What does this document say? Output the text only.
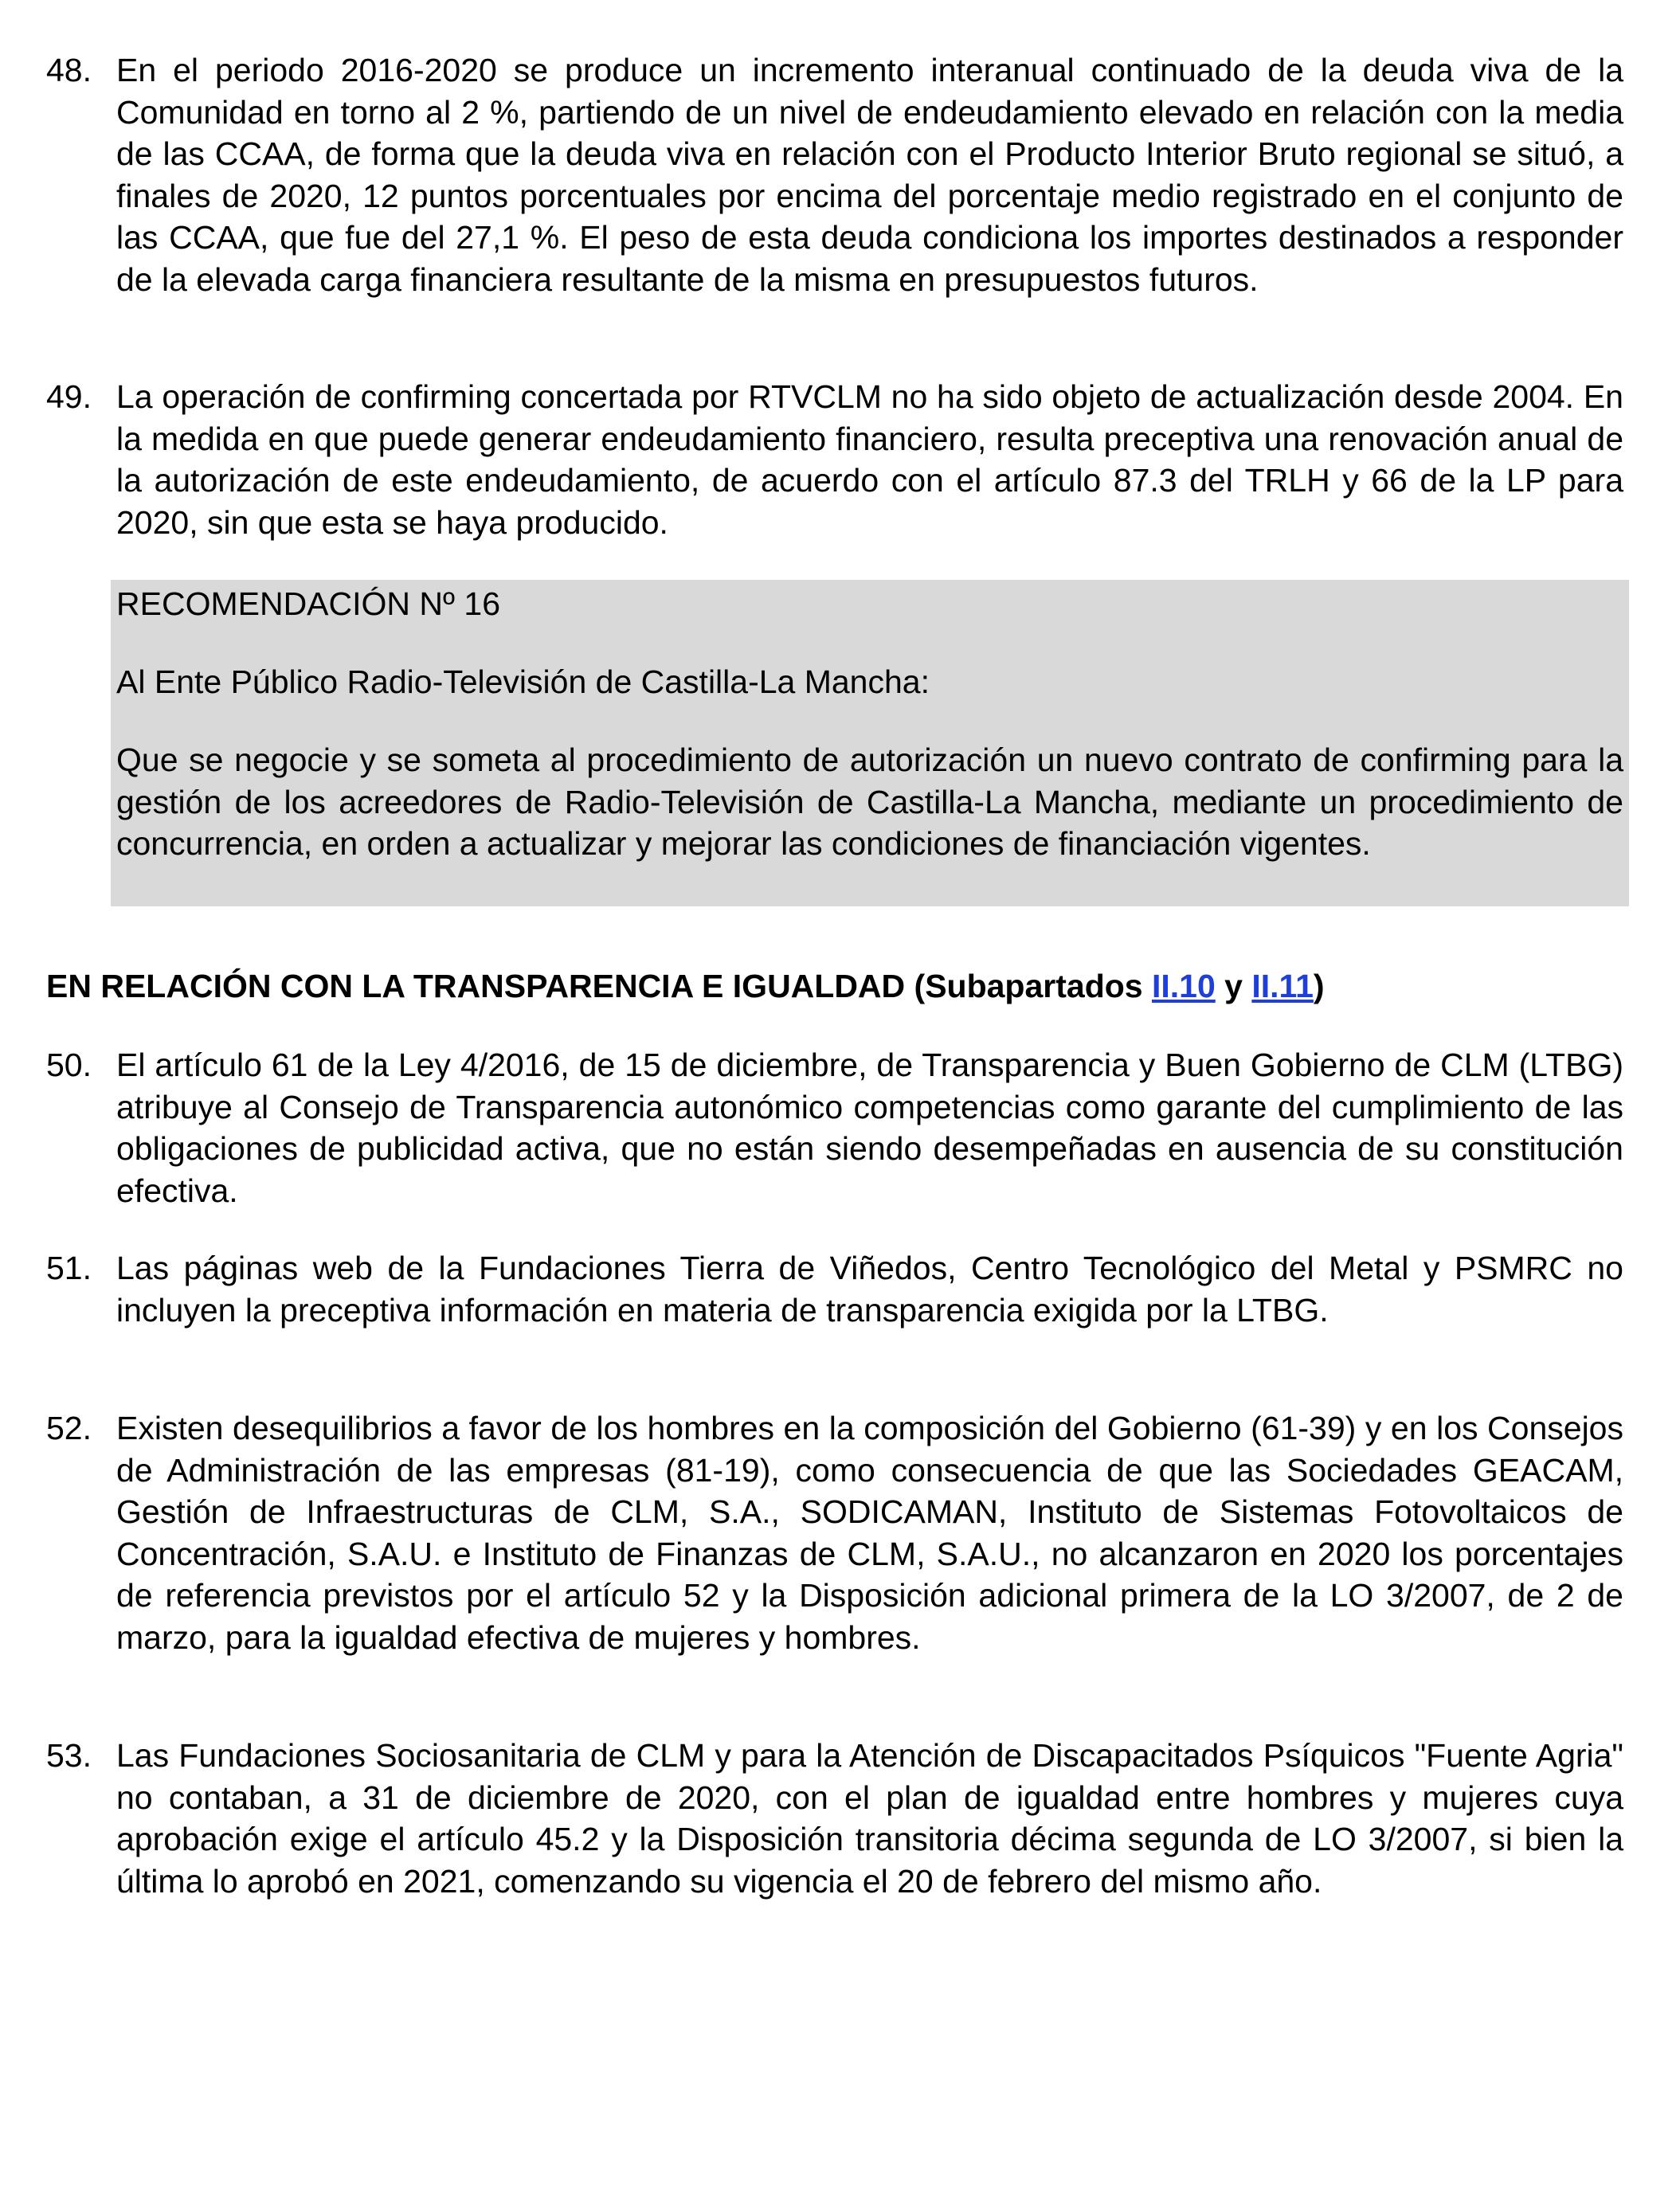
48. En el periodo 2016-2020 se produce un incremento interanual continuado de la deuda viva de la Comunidad en torno al 2 %, partiendo de un nivel de endeudamiento elevado en relación con la media de las CCAA, de forma que la deuda viva en relación con el Producto Interior Bruto regional se situó, a finales de 2020, 12 puntos porcentuales por encima del porcentaje medio registrado en el conjunto de las CCAA, que fue del 27,1 %. El peso de esta deuda condiciona los importes destinados a responder de la elevada carga financiera resultante de la misma en presupuestos futuros.
49. La operación de confirming concertada por RTVCLM no ha sido objeto de actualización desde 2004. En la medida en que puede generar endeudamiento financiero, resulta preceptiva una renovación anual de la autorización de este endeudamiento, de acuerdo con el artículo 87.3 del TRLH y 66 de la LP para 2020, sin que esta se haya producido.
RECOMENDACIÓN Nº 16
Al Ente Público Radio-Televisión de Castilla-La Mancha:
Que se negocie y se someta al procedimiento de autorización un nuevo contrato de confirming para la gestión de los acreedores de Radio-Televisión de Castilla-La Mancha, mediante un procedimiento de concurrencia, en orden a actualizar y mejorar las condiciones de financiación vigentes.
EN RELACIÓN CON LA TRANSPARENCIA E IGUALDAD (Subapartados II.10 y II.11)
50. El artículo 61 de la Ley 4/2016, de 15 de diciembre, de Transparencia y Buen Gobierno de CLM (LTBG) atribuye al Consejo de Transparencia autonómico competencias como garante del cumplimiento de las obligaciones de publicidad activa, que no están siendo desempeñadas en ausencia de su constitución efectiva.
51. Las páginas web de la Fundaciones Tierra de Viñedos, Centro Tecnológico del Metal y PSMRC no incluyen la preceptiva información en materia de transparencia exigida por la LTBG.
52. Existen desequilibrios a favor de los hombres en la composición del Gobierno (61-39) y en los Consejos de Administración de las empresas (81-19), como consecuencia de que las Sociedades GEACAM, Gestión de Infraestructuras de CLM, S.A., SODICAMAN, Instituto de Sistemas Fotovoltaicos de Concentración, S.A.U. e Instituto de Finanzas de CLM, S.A.U., no alcanzaron en 2020 los porcentajes de referencia previstos por el artículo 52 y la Disposición adicional primera de la LO 3/2007, de 2 de marzo, para la igualdad efectiva de mujeres y hombres.
53. Las Fundaciones Sociosanitaria de CLM y para la Atención de Discapacitados Psíquicos "Fuente Agria" no contaban, a 31 de diciembre de 2020, con el plan de igualdad entre hombres y mujeres cuya aprobación exige el artículo 45.2 y la Disposición transitoria décima segunda de LO 3/2007, si bien la última lo aprobó en 2021, comenzando su vigencia el 20 de febrero del mismo año.
